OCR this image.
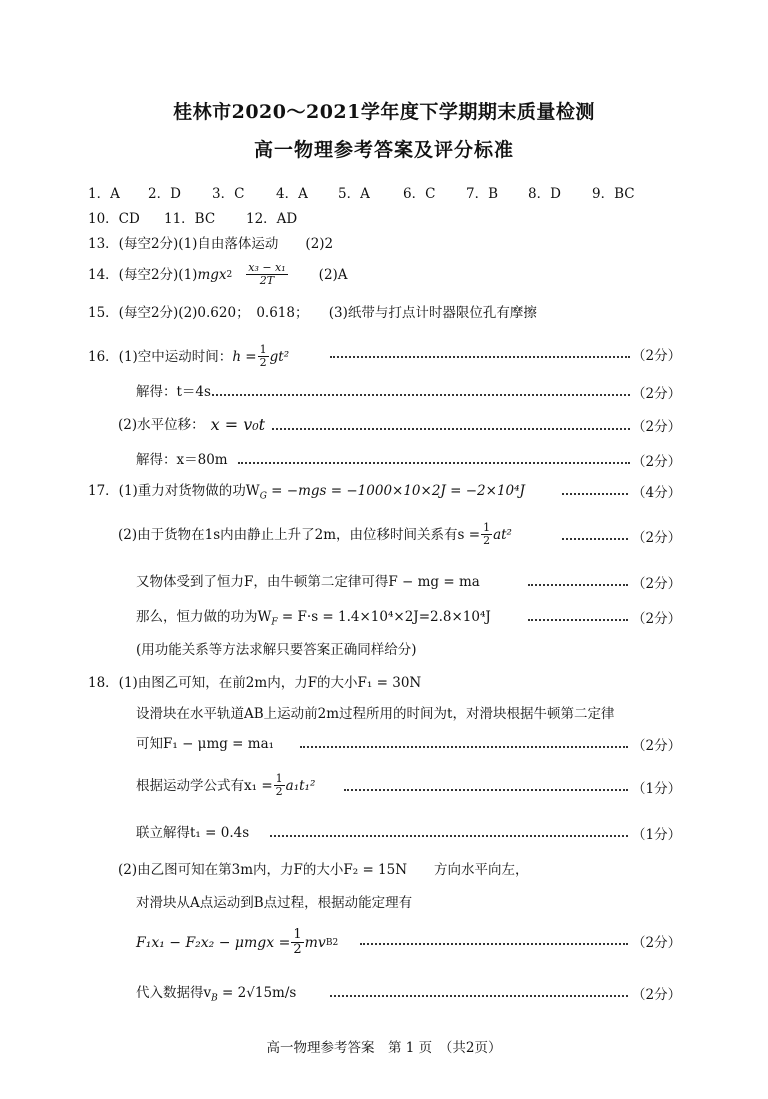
桂林市2020～2021学年度下学期期末质量检测
高一物理参考答案及评分标准
1．A 2．D 3．C 4．A 5．A 6．C 7．B 8．D 9．BC
10．CD 11．BC 12．AD
13．(每空2分)(1)自由落体运动　　(2)2
14．(每空2分)(1) mgx $2 \frac{\text{x₃ − x₁}}{2T} (2)A$
15．(每空2分)(2)0.620；　0.618；　　(3)纸带与打点计时器限位孔有摩擦
16．(1)空中运动时间： $h = \frac{1}{2} gt^2$	（2分）
解得：t＝4s	（2分）
(2)水平位移： x = v₀t	（2分）
解得：x＝80m	（2分）
17．(1)重力对货物做的功$W_G = -mgs = -1000\times 10\times 2J = -2\times 10^4J$	（4分）
(2)由于货物在1s内由静止上升了2m，由位移时间关系有$s = \frac{1}{2} at^2$	（2分）
又物体受到了恒力F，由牛顿第二定律可得F − mg = ma	（2分）
那么，恒力做的功为$W_F = F\cdot s = 1.4\times 10^4\times 2J=2.8\times 10^4J$	（2分）
(用功能关系等方法求解只要答案正确同样给分)
18．(1)由图乙可知，在前2m内，力F的大小F₁ = 30N
设滑块在水平轨道AB上运动前2m过程所用的时间为t，对滑块根据牛顿第二定律
可知F₁ − μmg = ma₁	（2分）
根据运动学公式有$x_1 = \frac{1}{2} a_1t_1^2$	（1分）
联立解得t₁ = 0.4s	（1分）
(2)由乙图可知在第3m内，力F的大小F₂ = 15N　　方向水平向左，
对滑块从A点运动到B点过程，根据动能定理有
$F_1x_1 - F_2x_2 - \mu mgx = \frac{1}{2}$ mv B 2	（2分）
代入数据得$v_B = 2√15m/s$	（2分）
高一物理参考答案　第 1 页　（共2页）
